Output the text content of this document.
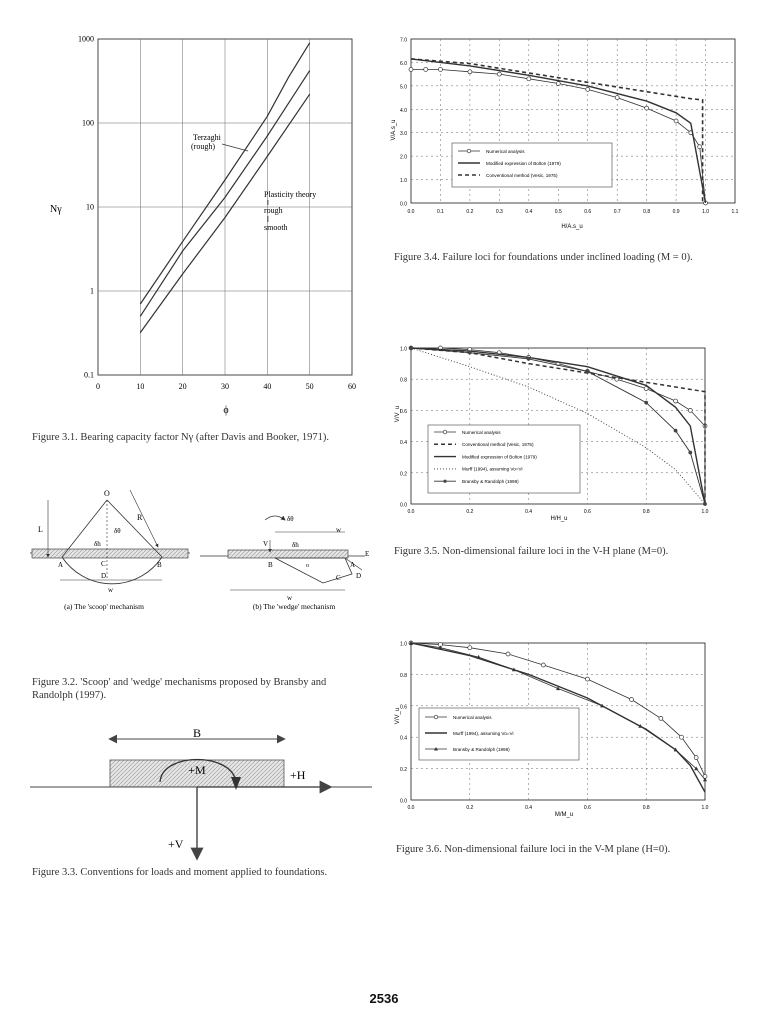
0	10	20	30	40	50	60
1000
100
10
1
0.1
Nγ
ϕ
Terzaghi
(rough)
Plasticity theory
rough
smooth
Figure 3.1. Bearing capacity factor Nγ (after Davis and Booker, 1971).
O
L
R
δθ
δh
A	B
C
D
w
δθ
V	δh
w
B	A
E
C D
o
w
(a) The 'scoop' mechanism	(b) The 'wedge' mechanism
Figure 3.2. 'Scoop' and 'wedge' mechanisms proposed by Bransby and
Randolph (1997).
B
+M	+H
+V
Figure 3.3. Conventions for loads and moment applied to foundations.
0.0	0.1	0.2	0.3	0.4	0.5	0.6	0.7	0.8	0.9	1.0	1.1
7.0
6.0
5.0
4.0
3.0
2.0
1.0
0.0
V/A.s_u
H/A.s_u
Numerical analysis
Modified expression of Bolton (1979)
Conventional method (Vesic, 1975)
Figure 3.4. Failure loci for foundations under inclined loading (M = 0).
0.0	0.2	0.4	0.6	0.8	1.0
1.0
0.8
0.6
0.4
0.2
0.0
V/V_u
H/H_u
Numerical analysis
Conventional method (Vesic, 1975)
Modified expression of Bolton (1979)
Murff (1994), assuming Vo=Vi
Bransby & Randolph (1998)
Figure 3.5. Non-dimensional failure loci in the V-H plane (M=0).
0.0	0.2	0.4	0.6	0.8	1.0
1.0
0.8
0.6
0.4
0.2
0.0
V/V_u
M/M_u
Numerical analysis
Murff (1994), assuming Vo=Vi
Bransby & Randolph (1998)
Figure 3.6. Non-dimensional failure loci in the V-M plane (H=0).
2536
